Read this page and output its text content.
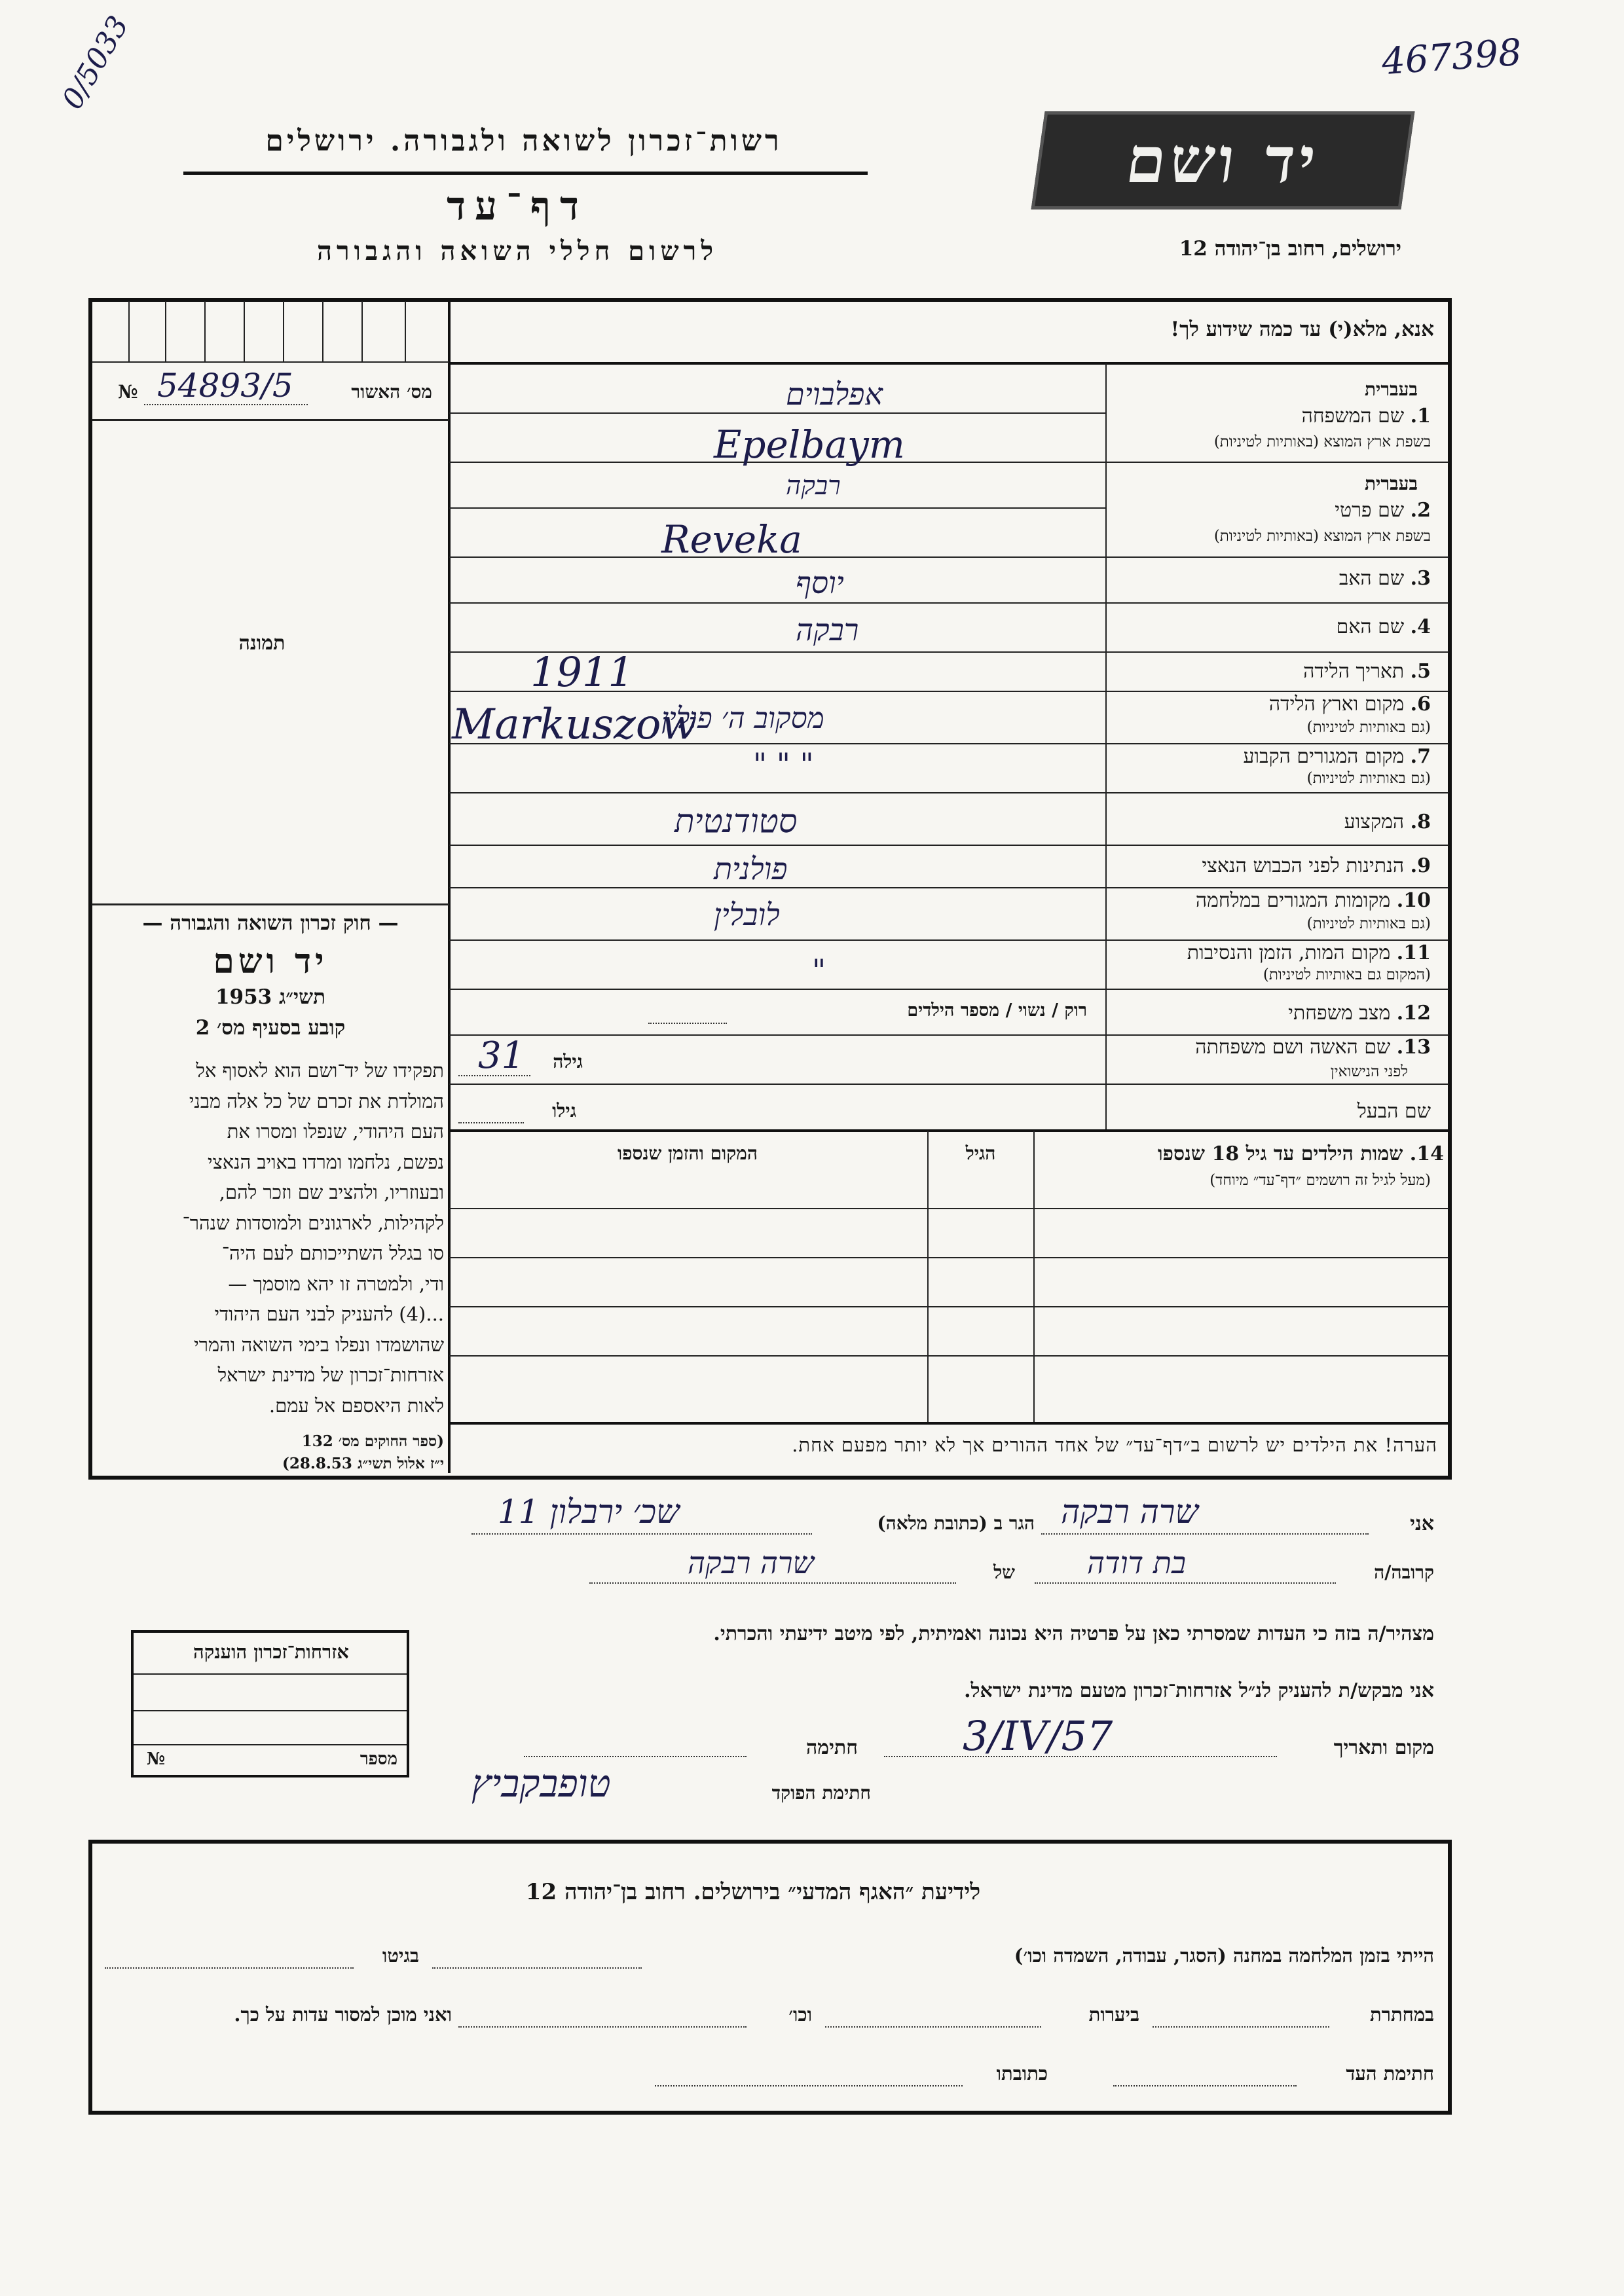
0/5033	467398
רשות־זכרון לשואה ולגבורה. ירושלים
דף־עד
לרשום חללי השואה והגבורה
יד ושם
ירושלים, רחוב בן־יהודה 12
מס׳ האשור
№ 54893/5
תמונה
— חוק זכרון השואה והגבורה —
יד ושם
תשי״ג 1953
קובע בסעיף מס׳ 2
תפקידו של יד־ושם הוא לאסוף אל
המולדת את זכרם של כל אלה מבני
העם היהודי, שנפלו ומסרו את
נפשם, נלחמו ומרדו באויב הנאצי
ובעוזריו, ולהציב שם וזכר להם,
לקהילות, לארגונים ולמוסדות שנהר־
סו בגלל השתייכותם לעם היה־
ודי, ולמטרה זו יהא מוסמך —
...(4) להעניק לבני העם היהודי
שהושמדו ונפלו בימי השואה והמרי
אזרחות־זכרון של מדינת ישראל
לאות היאספם אל עמם.
(ספר החוקים מס׳ 132
י״ז אלול תשי״ג 28.8.53)
אנא, מלא(י) עד כמה שידוע לך!
בעברית
1. שם המשפחה
בשפת ארץ המוצא (באותיות לטיניות)
בעברית
2. שם פרטי
בשפת ארץ המוצא (באותיות לטיניות)
3. שם האב
4. שם האם
5. תאריך הלידה
6. מקום וארץ הלידה
(גם באותיות לטיניות)
7. מקום המגורים הקבוע
(גם באותיות לטיניות)
8. המקצוע
9. הנתינות לפני הכבוש הנאצי
10. מקומות המגורים במלחמה
(גם באותיות לטיניות)
11. מקום המות, הזמן והנסיבות
(המקום גם באותיות לטיניות)
12. מצב משפחתי
13. שם האשה ושם משפחתה
לפני הנישואין
שם הבעל
אפלבוים
Epelbaym
רבקה
Reveka
יוסף
רבקה
1911
Markuszow
מסקוב ה׳ פולין
" " "
סטודנטית
פולנית
לובלין
"
רוק / נשוי / מספר הילדים
גילה
31
גילו
14. שמות הילדים עד גיל 18 שנספו
(מעל לגיל זה רושמים ״דף־עד״ מיוחד)
הגיל
המקום והזמן שנספו
הערה! את הילדים יש לרשום ב״דף־עד״ של אחד ההורים אך לא יותר מפעם אחת.
אני
שרה רבקה
הגר ב (כתובת מלאה)
שכ׳ ירבלון 11
קרובה/ה
בת דודה
של
שרה רבקה
מצהיר/ה בזה כי העדות שמסרתי כאן על פרטיה היא נכונה ואמיתית, לפי מיטב ידיעתי והכרתי.
אני מבקש/ת להעניק לנ״ל אזרחות־זכרון מטעם מדינת ישראל.
מקום ותאריך
3/IV/57
חתימה
חתימת הפוקד
טופבקביץ
אזרחות־זכרון הוענקה
מספר
№
לידיעת ״האגף המדעי״ בירושלים. רחוב בן־יהודה 12
הייתי בזמן המלחמה במחנה (הסגר, עבודה, השמדה וכו׳)
בגיטו
במחתרת
ביערות
וכו׳
ואני מוכן למסור עדות על כך.
חתימת העד
כתובתו
